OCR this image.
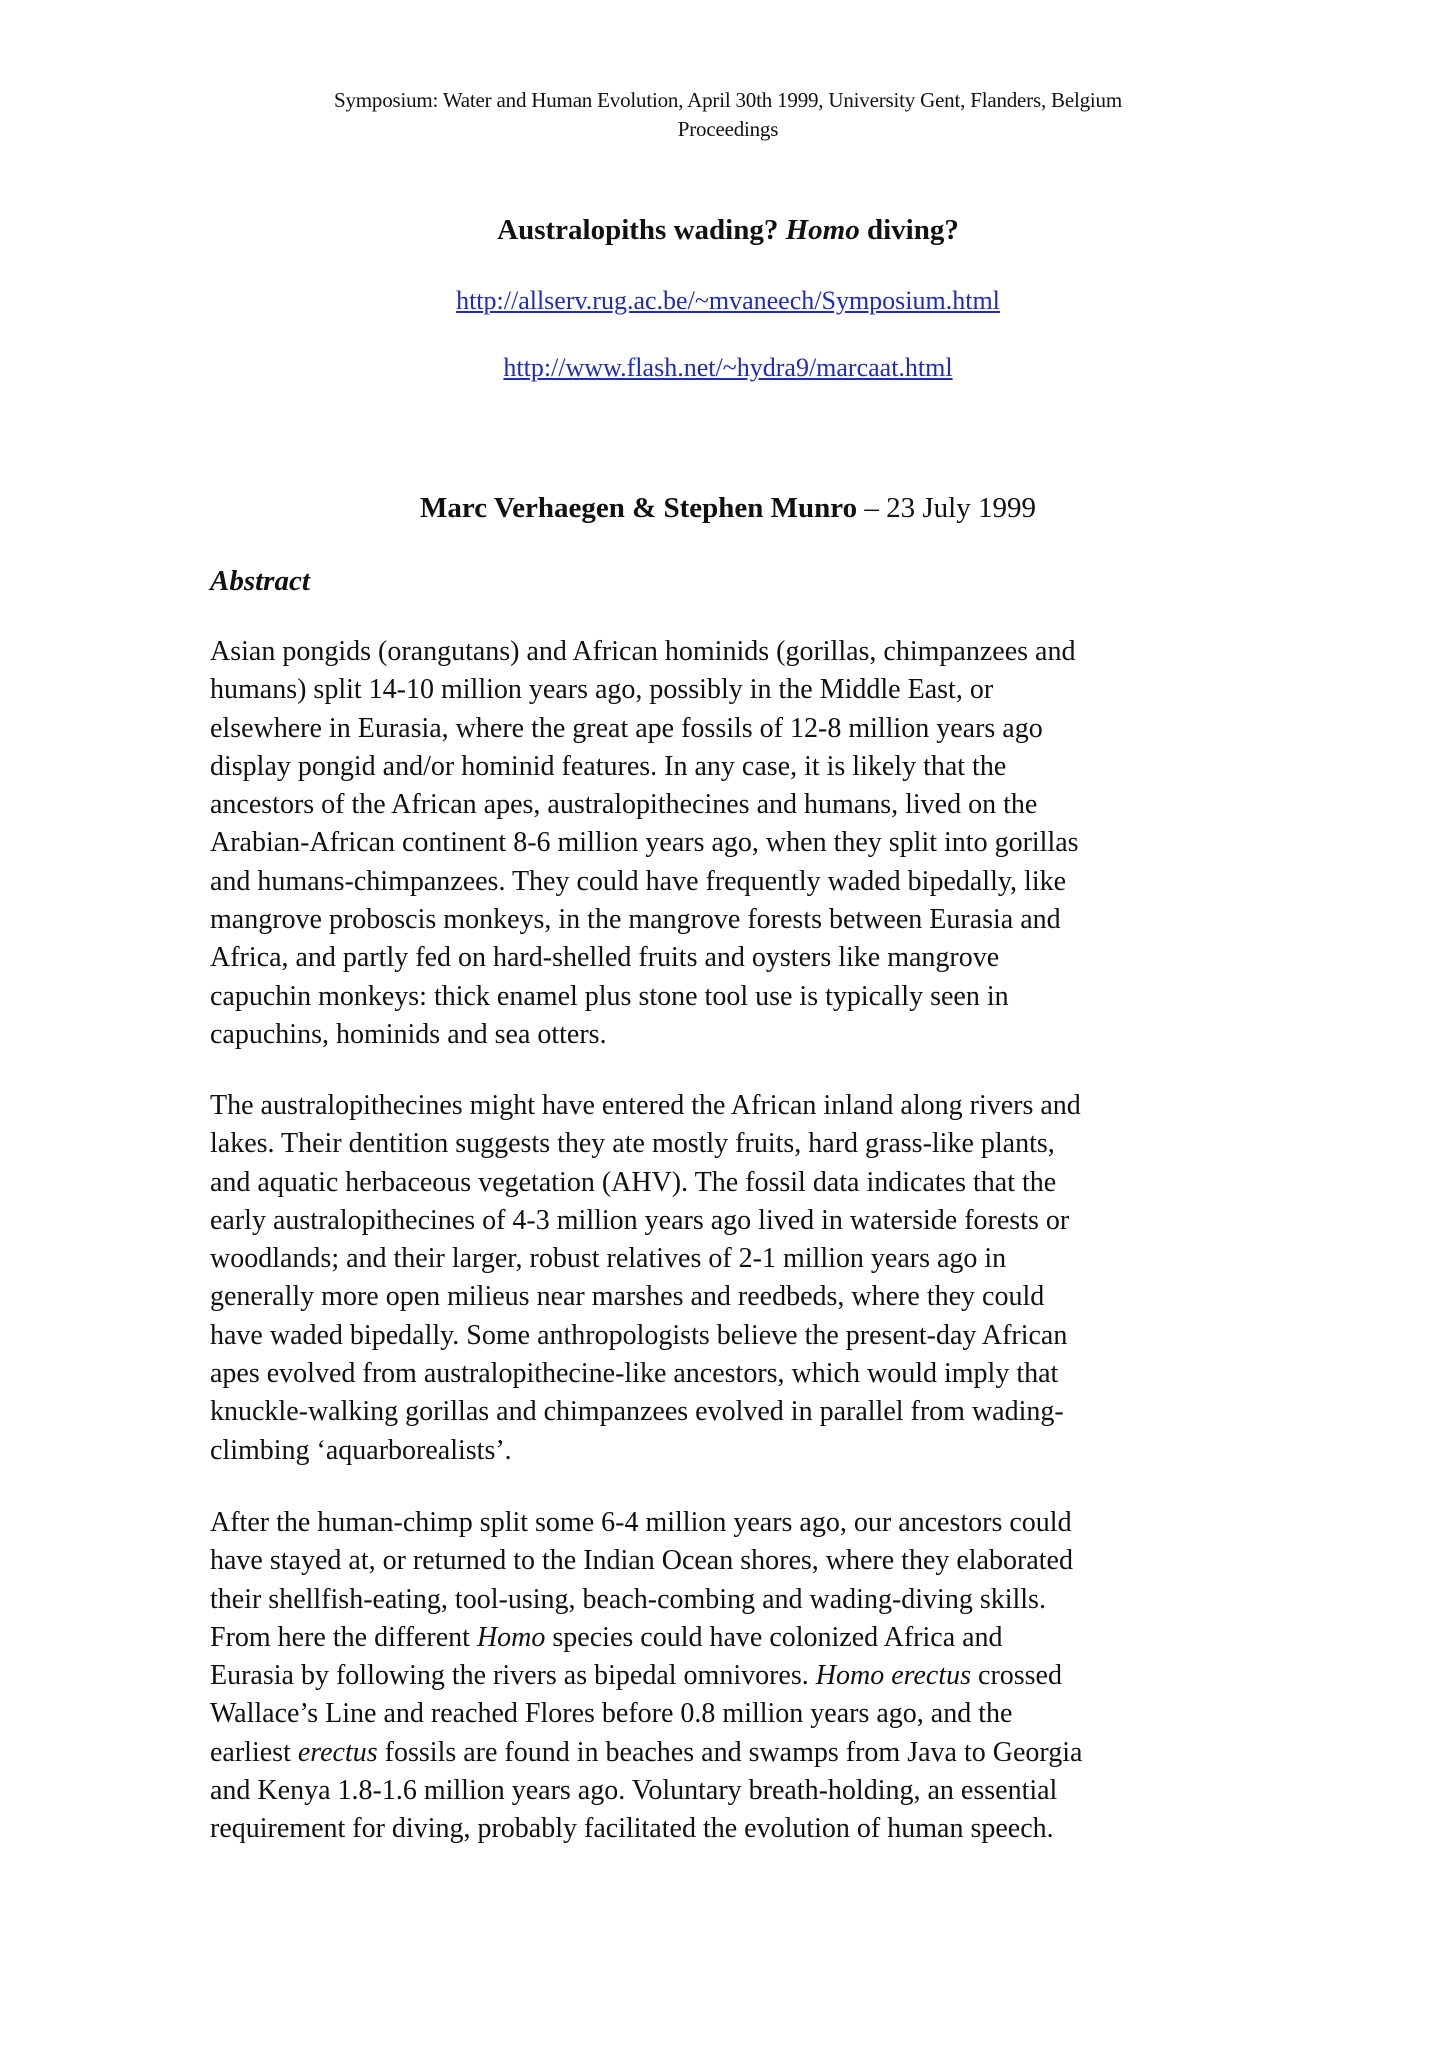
Symposium: Water and Human Evolution, April 30th 1999, University Gent, Flanders, Belgium
Proceedings
Australopiths wading? Homo diving?
http://allserv.rug.ac.be/~mvaneech/Symposium.html
http://www.flash.net/~hydra9/marcaat.html
Marc Verhaegen & Stephen Munro – 23 July 1999
Abstract
Asian pongids (orangutans) and African hominids (gorillas, chimpanzees and
humans) split 14-10 million years ago, possibly in the Middle East, or
elsewhere in Eurasia, where the great ape fossils of 12-8 million years ago
display pongid and/or hominid features. In any case, it is likely that the
ancestors of the African apes, australopithecines and humans, lived on the
Arabian-African continent 8-6 million years ago, when they split into gorillas
and humans-chimpanzees. They could have frequently waded bipedally, like
mangrove proboscis monkeys, in the mangrove forests between Eurasia and
Africa, and partly fed on hard-shelled fruits and oysters like mangrove
capuchin monkeys: thick enamel plus stone tool use is typically seen in
capuchins, hominids and sea otters.
The australopithecines might have entered the African inland along rivers and
lakes. Their dentition suggests they ate mostly fruits, hard grass-like plants,
and aquatic herbaceous vegetation (AHV). The fossil data indicates that the
early australopithecines of 4-3 million years ago lived in waterside forests or
woodlands; and their larger, robust relatives of 2-1 million years ago in
generally more open milieus near marshes and reedbeds, where they could
have waded bipedally. Some anthropologists believe the present-day African
apes evolved from australopithecine-like ancestors, which would imply that
knuckle-walking gorillas and chimpanzees evolved in parallel from wading-
climbing ‘aquarborealists’.
After the human-chimp split some 6-4 million years ago, our ancestors could
have stayed at, or returned to the Indian Ocean shores, where they elaborated
their shellfish-eating, tool-using, beach-combing and wading-diving skills.
From here the different Homo species could have colonized Africa and
Eurasia by following the rivers as bipedal omnivores. Homo erectus crossed
Wallace’s Line and reached Flores before 0.8 million years ago, and the
earliest erectus fossils are found in beaches and swamps from Java to Georgia
and Kenya 1.8-1.6 million years ago. Voluntary breath-holding, an essential
requirement for diving, probably facilitated the evolution of human speech.
